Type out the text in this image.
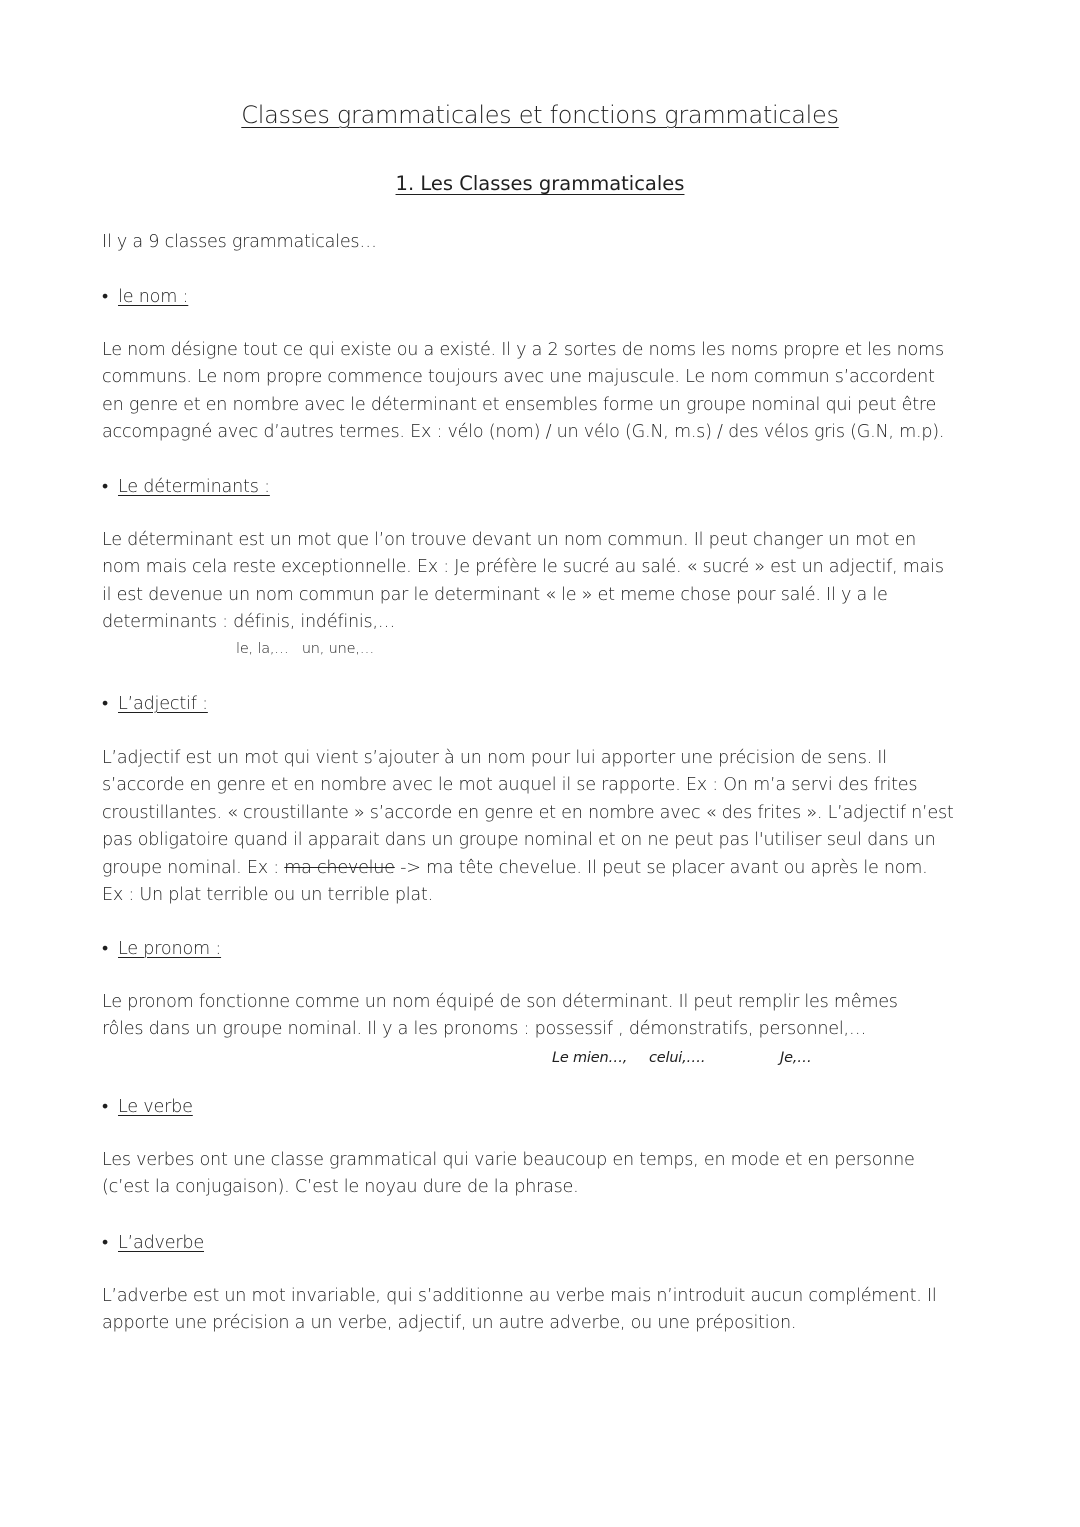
Classes grammaticales et fonctions grammaticales
1. Les Classes grammaticales
Il y a 9 classes grammaticales…
• le nom :
Le nom désigne tout ce qui existe ou a existé. Il y a 2 sortes de noms les noms propre et les noms
communs. Le nom propre commence toujours avec une majuscule. Le nom commun s’accordent
en genre et en nombre avec le déterminant et ensembles forme un groupe nominal qui peut être
accompagné avec d’autres termes. Ex : vélo (nom) / un vélo (G.N, m.s) / des vélos gris (G.N, m.p).
• Le déterminants :
Le déterminant est un mot que l’on trouve devant un nom commun. Il peut changer un mot en
nom mais cela reste exceptionnelle. Ex : Je préfère le sucré au salé. « sucré » est un adjectif, mais
il est devenue un nom commun par le determinant « le » et meme chose pour salé. Il y a le
determinants : définis, indéfinis,…
le, la,…   un, une,…
• L’adjectif :
L’adjectif est un mot qui vient s’ajouter à un nom pour lui apporter une précision de sens. Il
s’accorde en genre et en nombre avec le mot auquel il se rapporte. Ex : On m’a servi des frites
croustillantes. « croustillante » s’accorde en genre et en nombre avec « des frites ». L’adjectif n’est
pas obligatoire quand il apparait dans un groupe nominal et on ne peut pas l'utiliser seul dans un
groupe nominal. Ex : ma chevelue -> ma tête chevelue. Il peut se placer avant ou après le nom.
Ex : Un plat terrible ou un terrible plat.
• Le pronom :
Le pronom fonctionne comme un nom équipé de son déterminant. Il peut remplir les mêmes
rôles dans un groupe nominal. Il y a les pronoms : possessif , démonstratifs, personnel,…
Le mien…, celui,….	Je,…
• Le verbe
Les verbes ont une classe grammatical qui varie beaucoup en temps, en mode et en personne
(c’est la conjugaison). C’est le noyau dure de la phrase.
• L’adverbe
L’adverbe est un mot invariable, qui s’additionne au verbe mais n’introduit aucun complément. Il
apporte une précision a un verbe, adjectif, un autre adverbe, ou une préposition.
